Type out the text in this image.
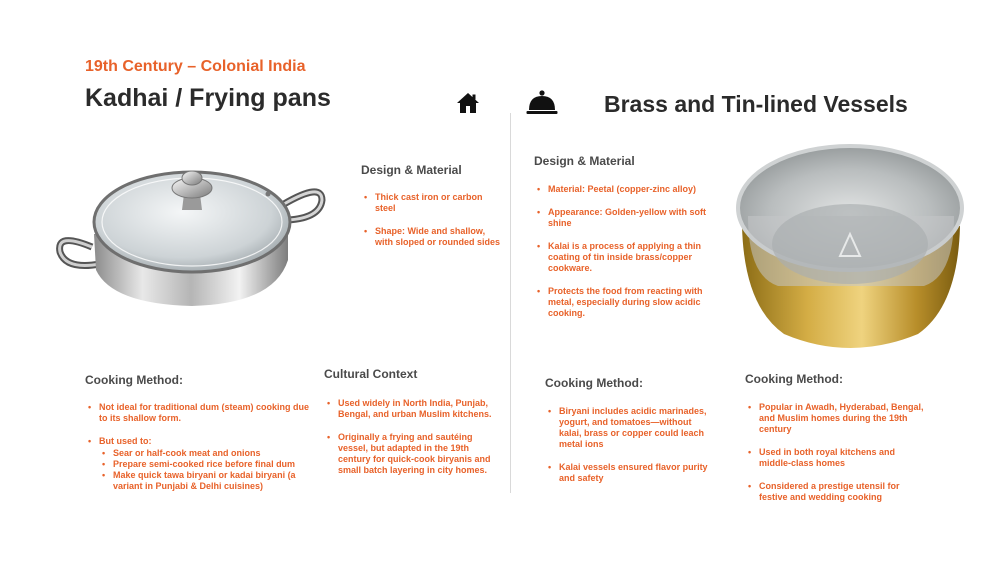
19th Century – Colonial India
Kadhai / Frying pans	Brass and Tin-lined Vessels
Design & Material
• Thick cast iron or carbon steel
• Shape: Wide and shallow, with sloped or rounded sides
Cooking Method:
• Not ideal for traditional dum (steam) cooking due to its shallow form.
• But used to:
• Sear or half-cook meat and onions
• Prepare semi-cooked rice before final dum
• Make quick tawa biryani or kadai biryani (a variant in Punjabi & Delhi cuisines)
Cultural Context
• Used widely in North India, Punjab, Bengal, and urban Muslim kitchens.
• Originally a frying and sautéing vessel, but adapted in the 19th century for quick-cook biryanis and small batch layering in city homes.
Design & Material
• Material: Peetal (copper-zinc alloy)
• Appearance: Golden-yellow with soft shine
• Kalai is a process of applying a thin coating of tin inside brass/copper cookware.
• Protects the food from reacting with metal, especially during slow acidic cooking.
Cooking Method:
• Biryani includes acidic marinades, yogurt, and tomatoes—without kalai, brass or copper could leach metal ions
• Kalai vessels ensured flavor purity and safety
Cooking Method:
• Popular in Awadh, Hyderabad, Bengal, and Muslim homes during the 19th century
• Used in both royal kitchens and middle-class homes
• Considered a prestige utensil for festive and wedding cooking
